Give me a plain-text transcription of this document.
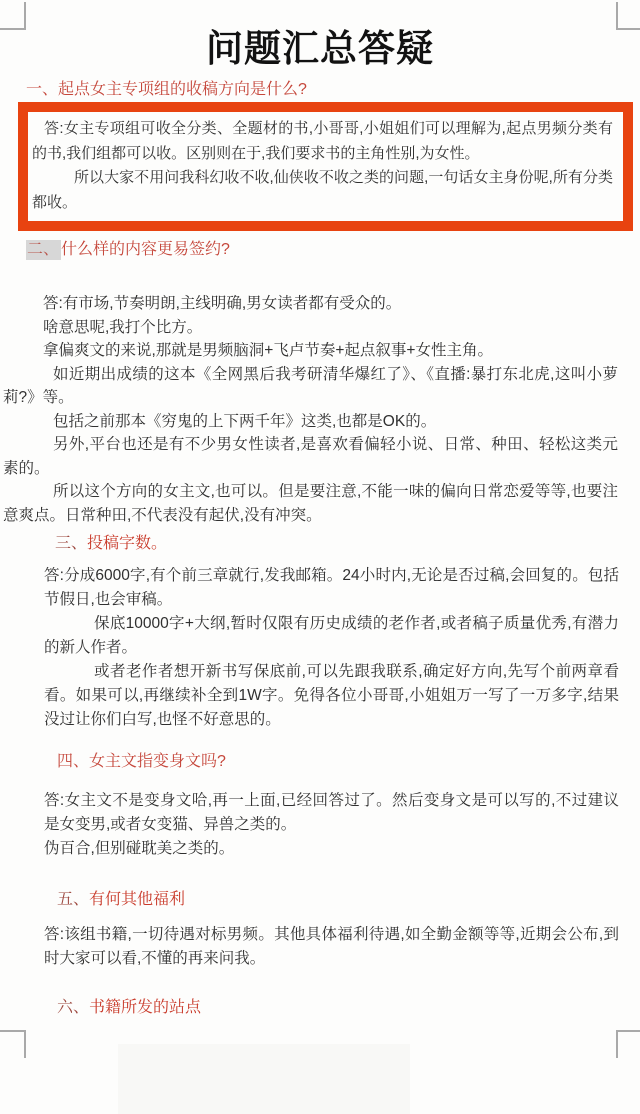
问题汇总答疑
一、起点女主专项组的收稿方向是什么?

答:女主专项组可收全分类、全题材的书,小哥哥,小姐姐们可以理解为,起点男频分类有的书,我们组都可以收。区别则在于,我们要求书的主角性别,为女性。

所以大家不用问我科幻收不收,仙侠收不收之类的问题,一句话女主身份呢,所有分类都收。

二、 什么样的内容更易签约?

答:有市场,节奏明朗,主线明确,男女读者都有受众的。

啥意思呢,我打个比方。

拿偏爽文的来说,那就是男频脑洞+飞卢节奏+起点叙事+女性主角。

如近期出成绩的这本《全网黑后我考研清华爆红了》、《直播:暴打东北虎,这叫小萝莉?》等。

包括之前那本《穷鬼的上下两千年》这类,也都是OK的。

另外,平台也还是有不少男女性读者,是喜欢看偏轻小说、日常、种田、轻松这类元素的。

所以这个方向的女主文,也可以。但是要注意,不能一味的偏向日常恋爱等等,也要注意爽点。日常种田,不代表没有起伏,没有冲突。

三、投稿字数。

答:分成6000字,有个前三章就行,发我邮箱。24小时内,无论是否过稿,会回复的。包括节假日,也会审稿。

保底10000字+大纲,暂时仅限有历史成绩的老作者,或者稿子质量优秀,有潜力的新人作者。

或者老作者想开新书写保底前,可以先跟我联系,确定好方向,先写个前两章看看。如果可以,再继续补全到1W字。免得各位小哥哥,小姐姐万一写了一万多字,结果没过让你们白写,也怪不好意思的。

四、女主文指变身文吗?

答:女主文不是变身文哈,再一上面,已经回答过了。然后变身文是可以写的,不过建议是女变男,或者女变猫、异兽之类的。

伪百合,但别碰耽美之类的。

五、有何其他福利

答:该组书籍,一切待遇对标男频。其他具体福利待遇,如全勤金额等等,近期会公布,到时大家可以看,不懂的再来问我。

六、书籍所发的站点
